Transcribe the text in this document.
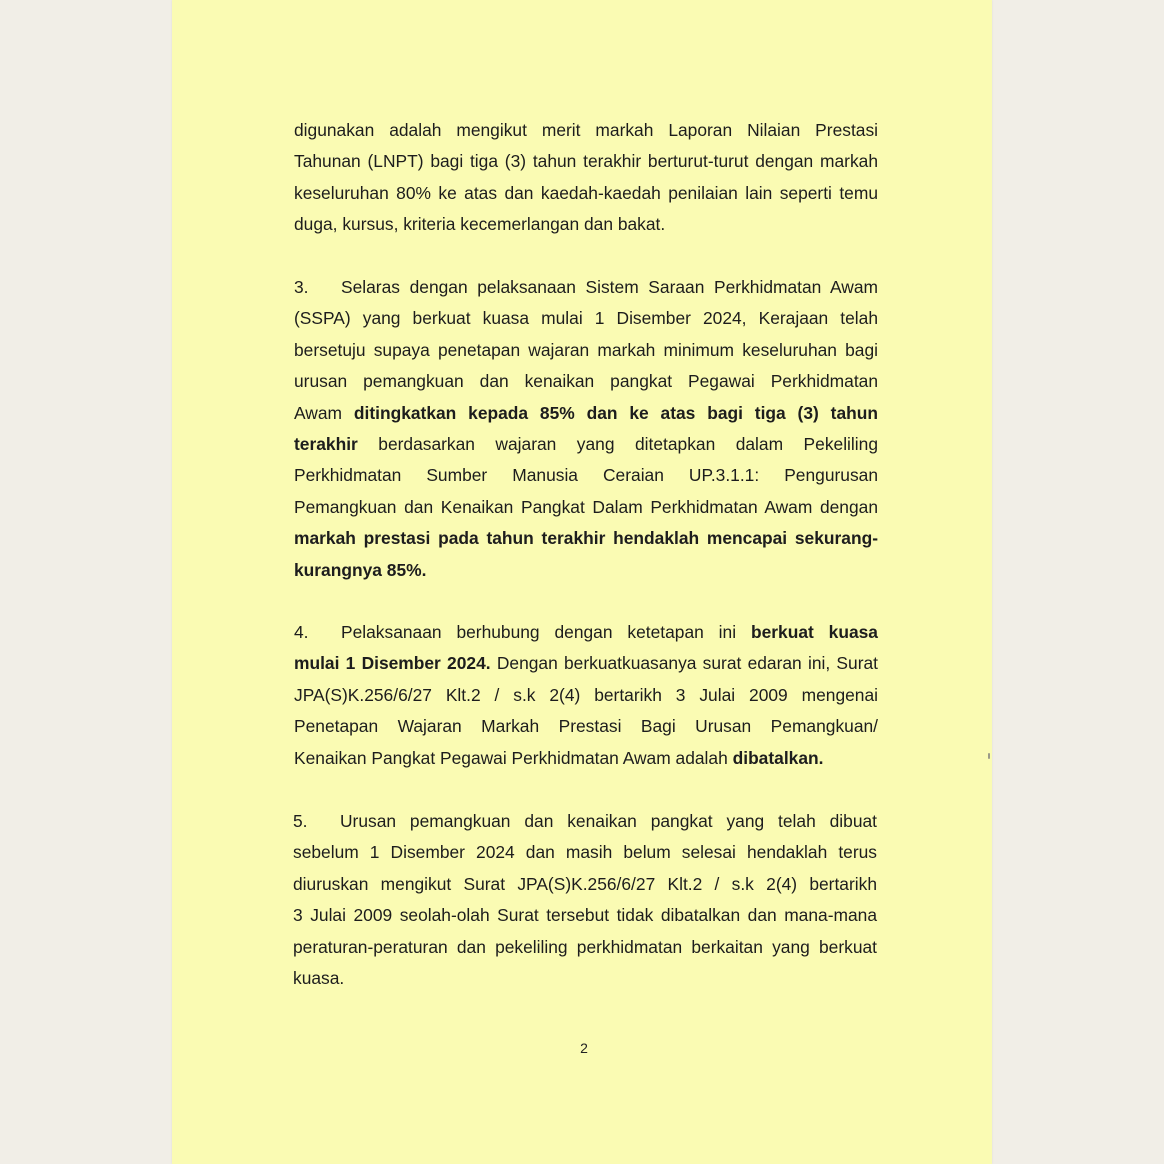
digunakan adalah mengikut merit markah Laporan Nilaian Prestasi
Tahunan (LNPT) bagi tiga (3) tahun terakhir berturut-turut dengan markah
keseluruhan 80% ke atas dan kaedah-kaedah penilaian lain seperti temu
duga, kursus, kriteria kecemerlangan dan bakat.
3. Selaras dengan pelaksanaan Sistem Saraan Perkhidmatan Awam
(SSPA) yang berkuat kuasa mulai 1 Disember 2024, Kerajaan telah
bersetuju supaya penetapan wajaran markah minimum keseluruhan bagi
urusan pemangkuan dan kenaikan pangkat Pegawai Perkhidmatan
Awam ditingkatkan kepada 85% dan ke atas bagi tiga (3) tahun
terakhir berdasarkan wajaran yang ditetapkan dalam Pekeliling
Perkhidmatan Sumber Manusia Ceraian UP.3.1.1: Pengurusan
Pemangkuan dan Kenaikan Pangkat Dalam Perkhidmatan Awam dengan
markah prestasi pada tahun terakhir hendaklah mencapai sekurang-
kurangnya 85%.
4. Pelaksanaan berhubung dengan ketetapan ini berkuat kuasa
mulai 1 Disember 2024. Dengan berkuatkuasanya surat edaran ini, Surat
JPA(S)K.256/6/27 Klt.2 / s.k 2(4) bertarikh 3 Julai 2009 mengenai
Penetapan Wajaran Markah Prestasi Bagi Urusan Pemangkuan/
Kenaikan Pangkat Pegawai Perkhidmatan Awam adalah dibatalkan.
5. Urusan pemangkuan dan kenaikan pangkat yang telah dibuat
sebelum 1 Disember 2024 dan masih belum selesai hendaklah terus
diuruskan mengikut Surat JPA(S)K.256/6/27 Klt.2 / s.k 2(4) bertarikh
3 Julai 2009 seolah-olah Surat tersebut tidak dibatalkan dan mana-mana
peraturan-peraturan dan pekeliling perkhidmatan berkaitan yang berkuat
kuasa.
2
